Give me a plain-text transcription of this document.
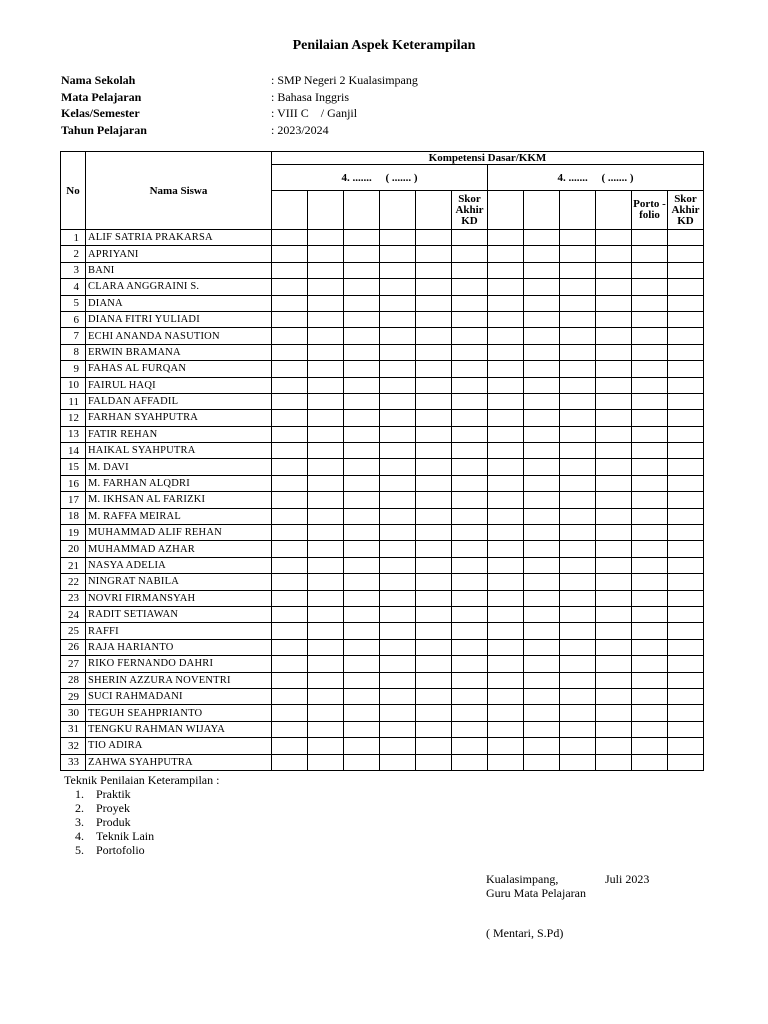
Penilaian Aspek Keterampilan
Nama Sekolah	: SMP Negeri 2 Kualasimpang
Mata Pelajaran	: Bahasa Inggris
Kelas/Semester	: VIII C    / Ganjil
Tahun Pelajaran	: 2023/2024
No	Nama Siswa	Kompetensi Dasar/KKM											
		4. .......     ( ....... )						4. .......     ( ....... )					
							Skor Akhir KD					Porto -folio	Skor Akhir KD
1	ALIF SATRIA PRAKARSA												
2	APRIYANI												
3	BANI												
4	CLARA ANGGRAINI S.												
5	DIANA												
6	DIANA FITRI YULIADI												
7	ECHI ANANDA NASUTION												
8	ERWIN BRAMANA												
9	FAHAS AL FURQAN												
10	FAIRUL HAQI												
11	FALDAN AFFADIL												
12	FARHAN SYAHPUTRA												
13	FATIR REHAN												
14	HAIKAL SYAHPUTRA												
15	M. DAVI												
16	M. FARHAN ALQDRI												
17	M. IKHSAN AL FARIZKI												
18	M. RAFFA MEIRAL												
19	MUHAMMAD ALIF REHAN												
20	MUHAMMAD AZHAR												
21	NASYA ADELIA												
22	NINGRAT NABILA												
23	NOVRI FIRMANSYAH												
24	RADIT SETIAWAN												
25	RAFFI												
26	RAJA HARIANTO												
27	RIKO FERNANDO DAHRI												
28	SHERIN AZZURA NOVENTRI												
29	SUCI RAHMADANI												
30	TEGUH SEAHPRIANTO												
31	TENGKU RAHMAN WIJAYA												
32	TIO ADIRA												
33	ZAHWA SYAHPUTRA												
Teknik Penilaian Keterampilan :
1. Praktik
2. Proyek
3. Produk
4. Teknik Lain
5. Portofolio
Kualasimpang,	Juli 2023
Guru Mata Pelajaran
( Mentari, S.Pd)
